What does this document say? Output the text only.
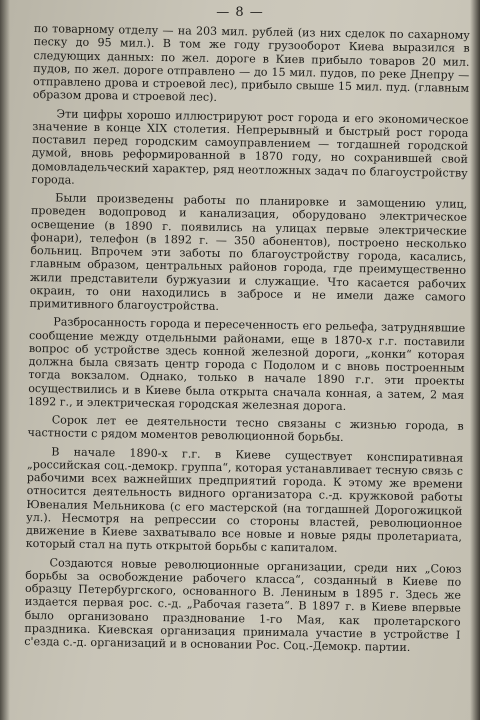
— 8 —

по товарному отделу — на 203 мил. рублей (из них сделок по сахарному песку до 95 мил.). В том же году грузооборот Киева выразился в следующих данных: по жел. дороге в Киев прибыло товаров 20 мил. пудов, по жел. дороге отправлено — до 15 мил. пудов, по реке Днепру — отправлено дрова и строевой лес), прибыло свыше 15 мил. пуд. (главным образом дрова и строевой лес).

Эти цифры хорошо иллюстрируют рост города и его экономическое значение в конце XIX столетия. Непрерывный и быстрый рост города поставил перед городским самоуправлением — тогдашней городской думой, вновь реформированной в 1870 году, но сохранившей свой домовладельческий характер, ряд неотложных задач по благоустройству города.

Были произведены работы по планировке и замощению улиц, проведен водопровод и канализация, оборудовано электрическое освещение (в 1890 г. появились на улицах первые электрические фонари), телефон (в 1892 г. — 350 абонентов), построено несколько больниц. Впрочем эти заботы по благоустройству города, касались, главным образом, центральных районов города, где преимущественно жили представители буржуазии и служащие. Что касается рабочих окраин, то они находились в забросе и не имели даже самого примитивного благоустройства.

Разбросанность города и пересеченность его рельефа, затруднявшие сообщение между отдельными районами, еще в 1870-х г.г. поставили вопрос об устройстве здесь конной железной дороги, „конки“ которая должна была связать центр города с Подолом и с вновь построенным тогда вокзалом. Однако, только в начале 1890 г.г. эти проекты осуществились и в Киеве была открыта сначала конная, а затем, 2 мая 1892 г., и электрическая городская железная дорога.

Сорок лет ее деятельности тесно связаны с жизнью города, в частности с рядом моментов революционной борьбы.

В начале 1890-х г.г. в Киеве существует конспиративная „российская соц.-демокр. группа“, которая устанавливает тесную связь с рабочими всех важнейших предприятий города. К этому же времени относится деятельность видного организатора с.-д. кружковой работы Ювеналия Мельникова (с его мастерской (на тогдашней Дорогожицкой ул.). Несмотря на репрессии со стороны властей, революционное движение в Киеве захватывало все новые и новые ряды пролетариата, который стал на путь открытой борьбы с капиталом.

Создаются новые революционные организации, среди них „Союз борьбы за освобождение рабочего класса“, созданный в Киеве по образцу Петербургского, основанного В. Лениным в 1895 г. Здесь же издается первая рос. с.-д. „Рабочая газета“. В 1897 г. в Киеве впервые было организовано празднование 1-го Мая, как пролетарского праздника. Киевская организация принимала участие в устройстве I с'езда с.-д. организаций и в основании Рос. Соц.-Демокр. партии.
